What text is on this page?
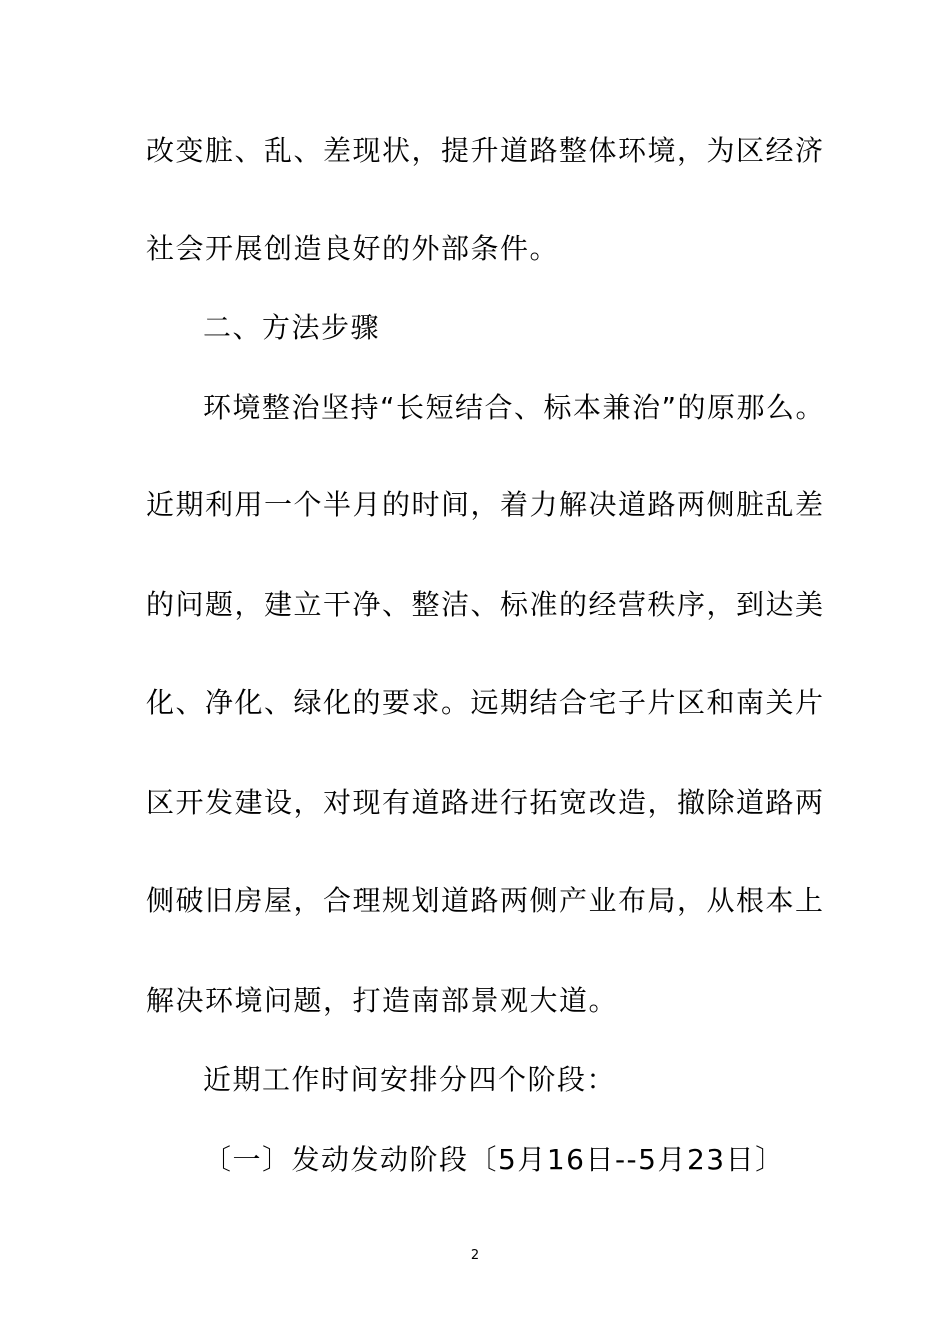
改变脏、乱、差现状，提升道路整体环境，为区经济
社会开展创造良好的外部条件。
二、方法步骤
环境整治坚持“长短结合、标本兼治”的原那么。
近期利用一个半月的时间，着力解决道路两侧脏乱差
的问题，建立干净、整洁、标准的经营秩序，到达美
化、净化、绿化的要求。远期结合宅子片区和南关片
区开发建设，对现有道路进行拓宽改造，撤除道路两
侧破旧房屋，合理规划道路两侧产业布局，从根本上
解决环境问题，打造南部景观大道。
近期工作时间安排分四个阶段：
〔一〕发动发动阶段〔5月16日--5月23日〕
2
